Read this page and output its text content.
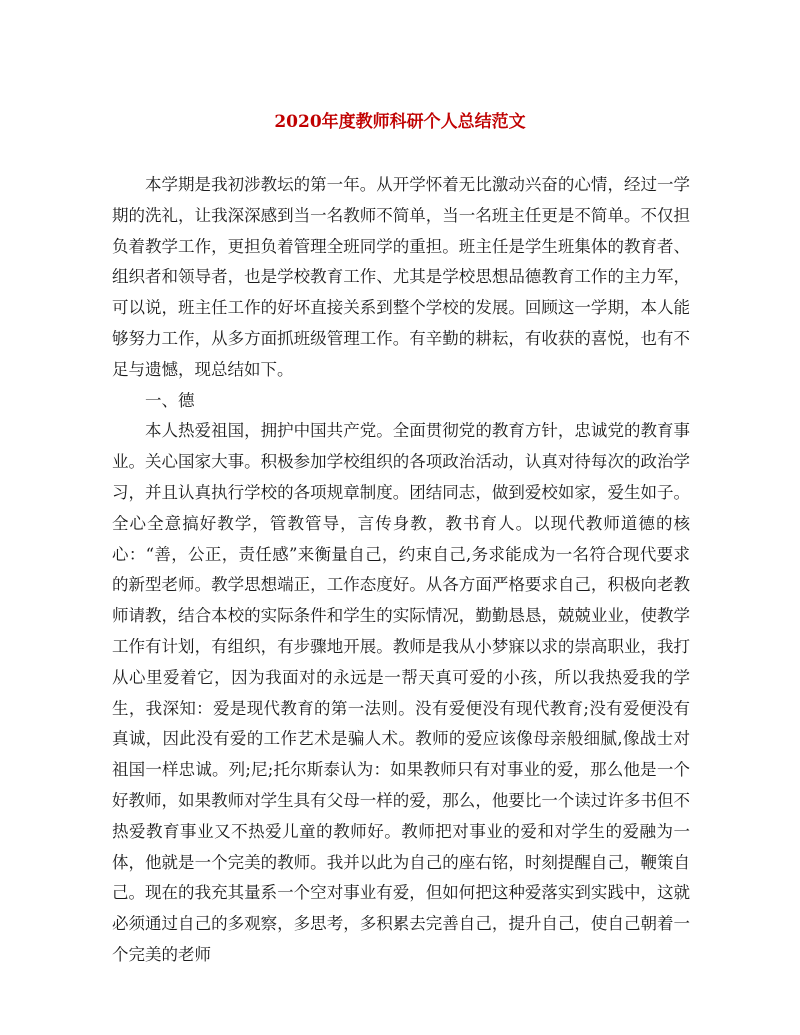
2020年度教师科研个人总结范文

本学期是我初涉教坛的第一年。从开学怀着无比激动兴奋的心情，经过一学期的洗礼，让我深深感到当一名教师不简单，当一名班主任更是不简单。不仅担负着教学工作，更担负着管理全班同学的重担。班主任是学生班集体的教育者、组织者和领导者，也是学校教育工作、尤其是学校思想品德教育工作的主力军，可以说，班主任工作的好坏直接关系到整个学校的发展。回顾这一学期，本人能够努力工作，从多方面抓班级管理工作。有辛勤的耕耘，有收获的喜悦，也有不足与遗憾，现总结如下。

一、德

本人热爱祖国，拥护中国共产党。全面贯彻党的教育方针，忠诚党的教育事业。关心国家大事。积极参加学校组织的各项政治活动，认真对待每次的政治学习，并且认真执行学校的各项规章制度。团结同志，做到爱校如家，爱生如子。全心全意搞好教学，管教管导，言传身教，教书育人。以现代教师道德的核心：“善，公正，责任感”来衡量自己，约束自己,务求能成为一名符合现代要求的新型老师。教学思想端正，工作态度好。从各方面严格要求自己，积极向老教师请教，结合本校的实际条件和学生的实际情况，勤勤恳恳，兢兢业业，使教学工作有计划，有组织，有步骤地开展。教师是我从小梦寐以求的崇高职业，我打从心里爱着它，因为我面对的永远是一帮天真可爱的小孩，所以我热爱我的学生，我深知：爱是现代教育的第一法则。没有爱便没有现代教育;没有爱便没有真诚，因此没有爱的工作艺术是骗人术。教师的爱应该像母亲般细腻,像战士对祖国一样忠诚。列;尼;托尔斯泰认为：如果教师只有对事业的爱，那么他是一个好教师，如果教师对学生具有父母一样的爱，那么，他要比一个读过许多书但不热爱教育事业又不热爱儿童的教师好。教师把对事业的爱和对学生的爱融为一体，他就是一个完美的教师。我并以此为自己的座右铭，时刻提醒自己，鞭策自己。现在的我充其量系一个空对事业有爱，但如何把这种爱落实到实践中，这就必须通过自己的多观察，多思考，多积累去完善自己，提升自己，使自己朝着一个完美的老师
